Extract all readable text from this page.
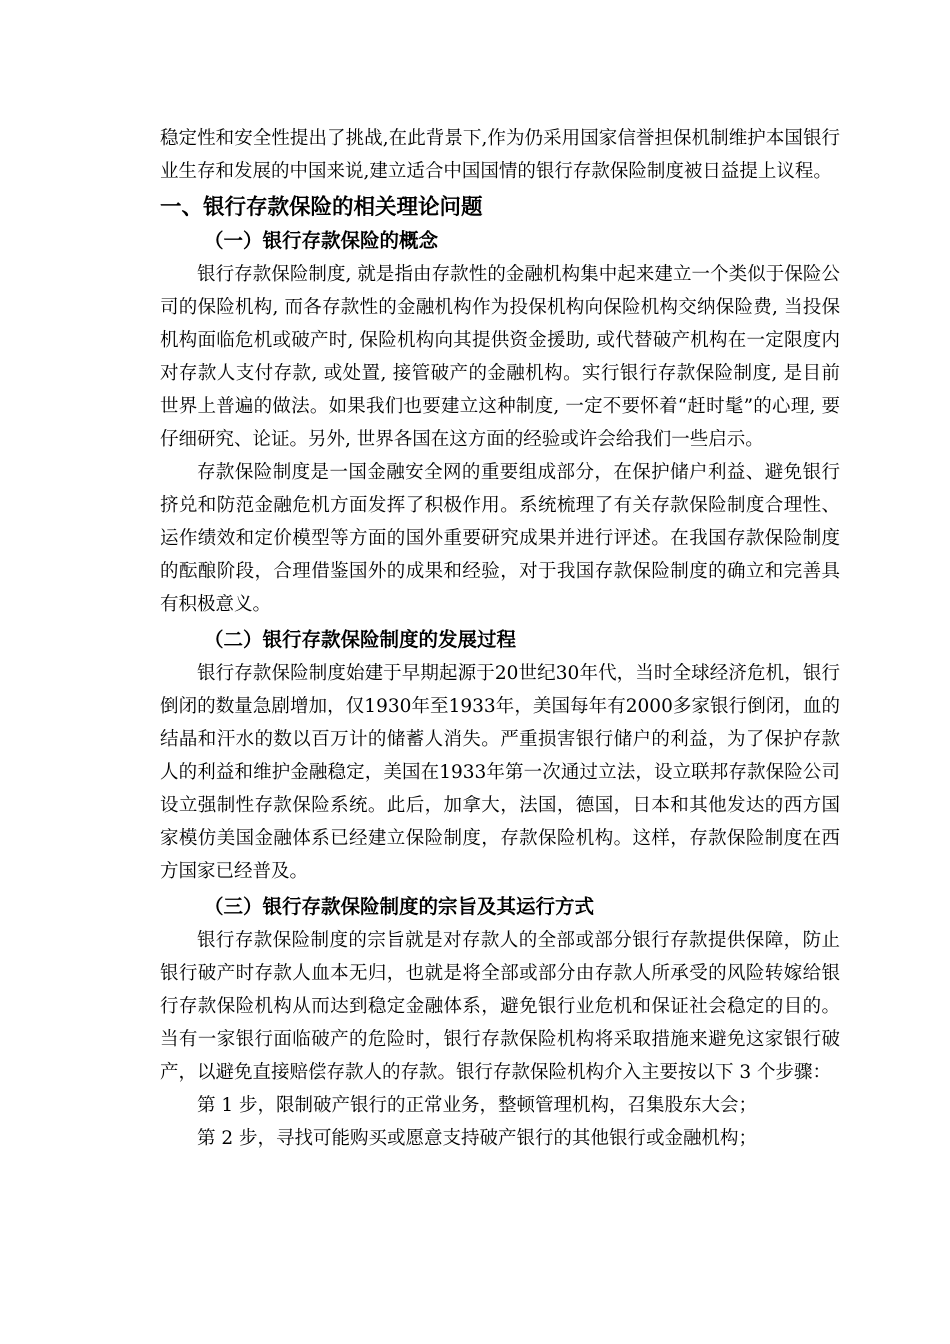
稳定性和安全性提出了挑战,在此背景下,作为仍采用国家信誉担保机制维护本国银行业生存和发展的中国来说,建立适合中国国情的银行存款保险制度被日益提上议程。

一、银行存款保险的相关理论问题
（一）银行存款保险的概念

银行存款保险制度, 就是指由存款性的金融机构集中起来建立一个类似于保险公司的保险机构, 而各存款性的金融机构作为投保机构向保险机构交纳保险费, 当投保机构面临危机或破产时, 保险机构向其提供资金援助, 或代替破产机构在一定限度内对存款人支付存款, 或处置, 接管破产的金融机构。实行银行存款保险制度, 是目前世界上普遍的做法。如果我们也要建立这种制度, 一定不要怀着“赶时髦”的心理, 要仔细研究、论证。另外, 世界各国在这方面的经验或许会给我们一些启示。

存款保险制度是一国金融安全网的重要组成部分，在保护储户利益、避免银行挤兑和防范金融危机方面发挥了积极作用。系统梳理了有关存款保险制度合理性、运作绩效和定价模型等方面的国外重要研究成果并进行评述。在我国存款保险制度的酝酿阶段，合理借鉴国外的成果和经验，对于我国存款保险制度的确立和完善具有积极意义。

（二）银行存款保险制度的发展过程

银行存款保险制度始建于早期起源于20世纪30年代，当时全球经济危机，银行倒闭的数量急剧增加，仅1930年至1933年，美国每年有2000多家银行倒闭，血的结晶和汗水的数以百万计的储蓄人消失。严重损害银行储户的利益，为了保护存款人的利益和维护金融稳定，美国在1933年第一次通过立法，设立联邦存款保险公司设立强制性存款保险系统。此后，加拿大，法国，德国，日本和其他发达的西方国家模仿美国金融体系已经建立保险制度，存款保险机构。这样，存款保险制度在西方国家已经普及。

（三）银行存款保险制度的宗旨及其运行方式

银行存款保险制度的宗旨就是对存款人的全部或部分银行存款提供保障，防止银行破产时存款人血本无归，也就是将全部或部分由存款人所承受的风险转嫁给银行存款保险机构从而达到稳定金融体系，避免银行业危机和保证社会稳定的目的。当有一家银行面临破产的危险时，银行存款保险机构将采取措施来避免这家银行破产，以避免直接赔偿存款人的存款。银行存款保险机构介入主要按以下 3 个步骤：

第 1 步，限制破产银行的正常业务，整顿管理机构，召集股东大会；

第 2 步，寻找可能购买或愿意支持破产银行的其他银行或金融机构；
